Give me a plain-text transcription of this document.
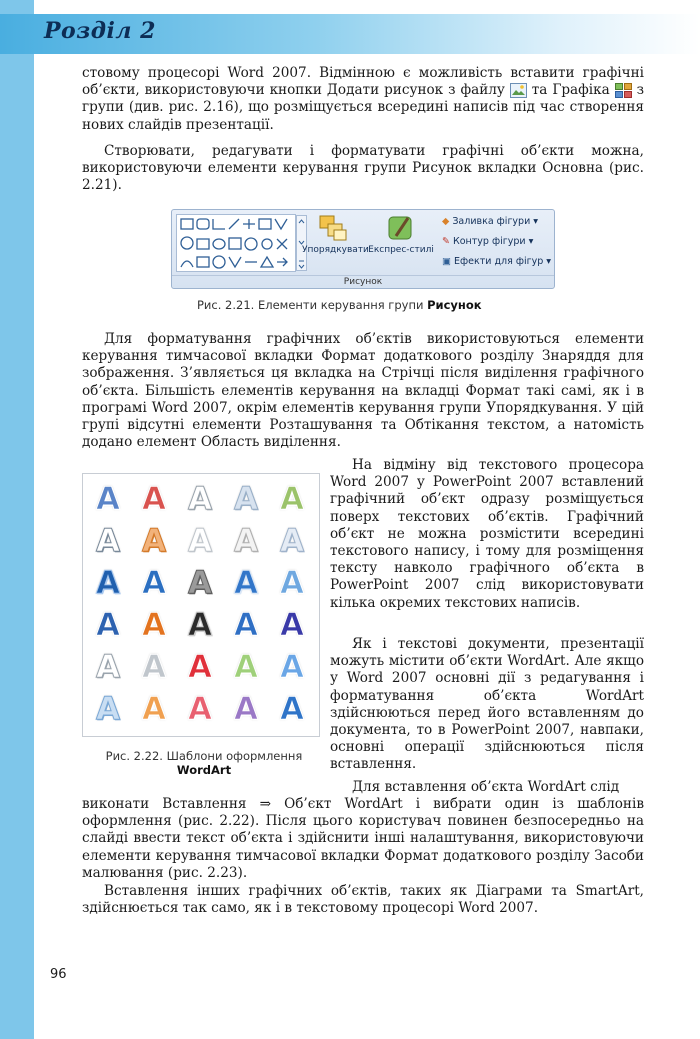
Розділ 2

стовому процесорі Word 2007. Відмінною є можливість вставити графічні об’єкти, використовуючи кнопки Додати рисунок з файлу та Графіка з групи (див. рис. 2.16), що розміщується всередині написів під час створення нових слайдів презентації.

Створювати, редагувати і форматувати графічні об’єкти можна, використовуючи елементи керування групи Рисунок вкладки Основна (рис. 2.21).

Упорядкувати Експрес-стилі
◆ Заливка фігури ▾
✎ Контур фігури ▾
▣ Ефекти для фігур ▾
Рисунок
Рис. 2.21. Елементи керування групи Рисунок

Для форматування графічних об’єктів використовуються елементи керування тимчасової вкладки Формат додаткового розділу Знаряддя для зображення. З’являється ця вкладка на Стрічці після виділення графічного об’єкта. Більшість елементів керування на вкладці Формат такі самі, як і в програмі Word 2007, окрім елементів керування групи Упорядкування. У цій групі відсутні елементи Розташування та Обтікання текстом, а натомість додано елемент Область виділення.

A A A A A
A A A A A
A A A A A
A A A A A
A A A A A
A A A A A
Рис. 2.22. Шаблони оформлення
WordArt

На відміну від текстового процесора Word 2007 у PowerPoint 2007 вставлений графічний об’єкт одразу розміщується поверх текстових об’єктів. Графічний об’єкт не можна розмістити всередині текстового напису, і тому для розміщення тексту навколо графічного об’єкта в PowerPoint 2007 слід використовувати кілька окремих текстових написів.

Як і текстові документи, презентації можуть містити об’єкти WordArt. Але якщо у Word 2007 основні дії з редагування і форматування об’єкта WordArt здійснюються перед його вставленням до документа, то в PowerPoint 2007, навпаки, основні операції здійснюються після вставлення.

Для вставлення об’єкта WordArt слід

виконати Вставлення ⇒ Об’єкт WordArt і вибрати один із шаблонів оформлення (рис. 2.22). Після цього користувач повинен безпосередньо на слайді ввести текст об’єкта і здійснити інші налаштування, використовуючи елементи керування тимчасової вкладки Формат додаткового розділу Засоби малювання (рис. 2.23).

Вставлення інших графічних об’єктів, таких як Діаграми та SmartArt, здійснюється так само, як і в текстовому процесорі Word 2007.

96
